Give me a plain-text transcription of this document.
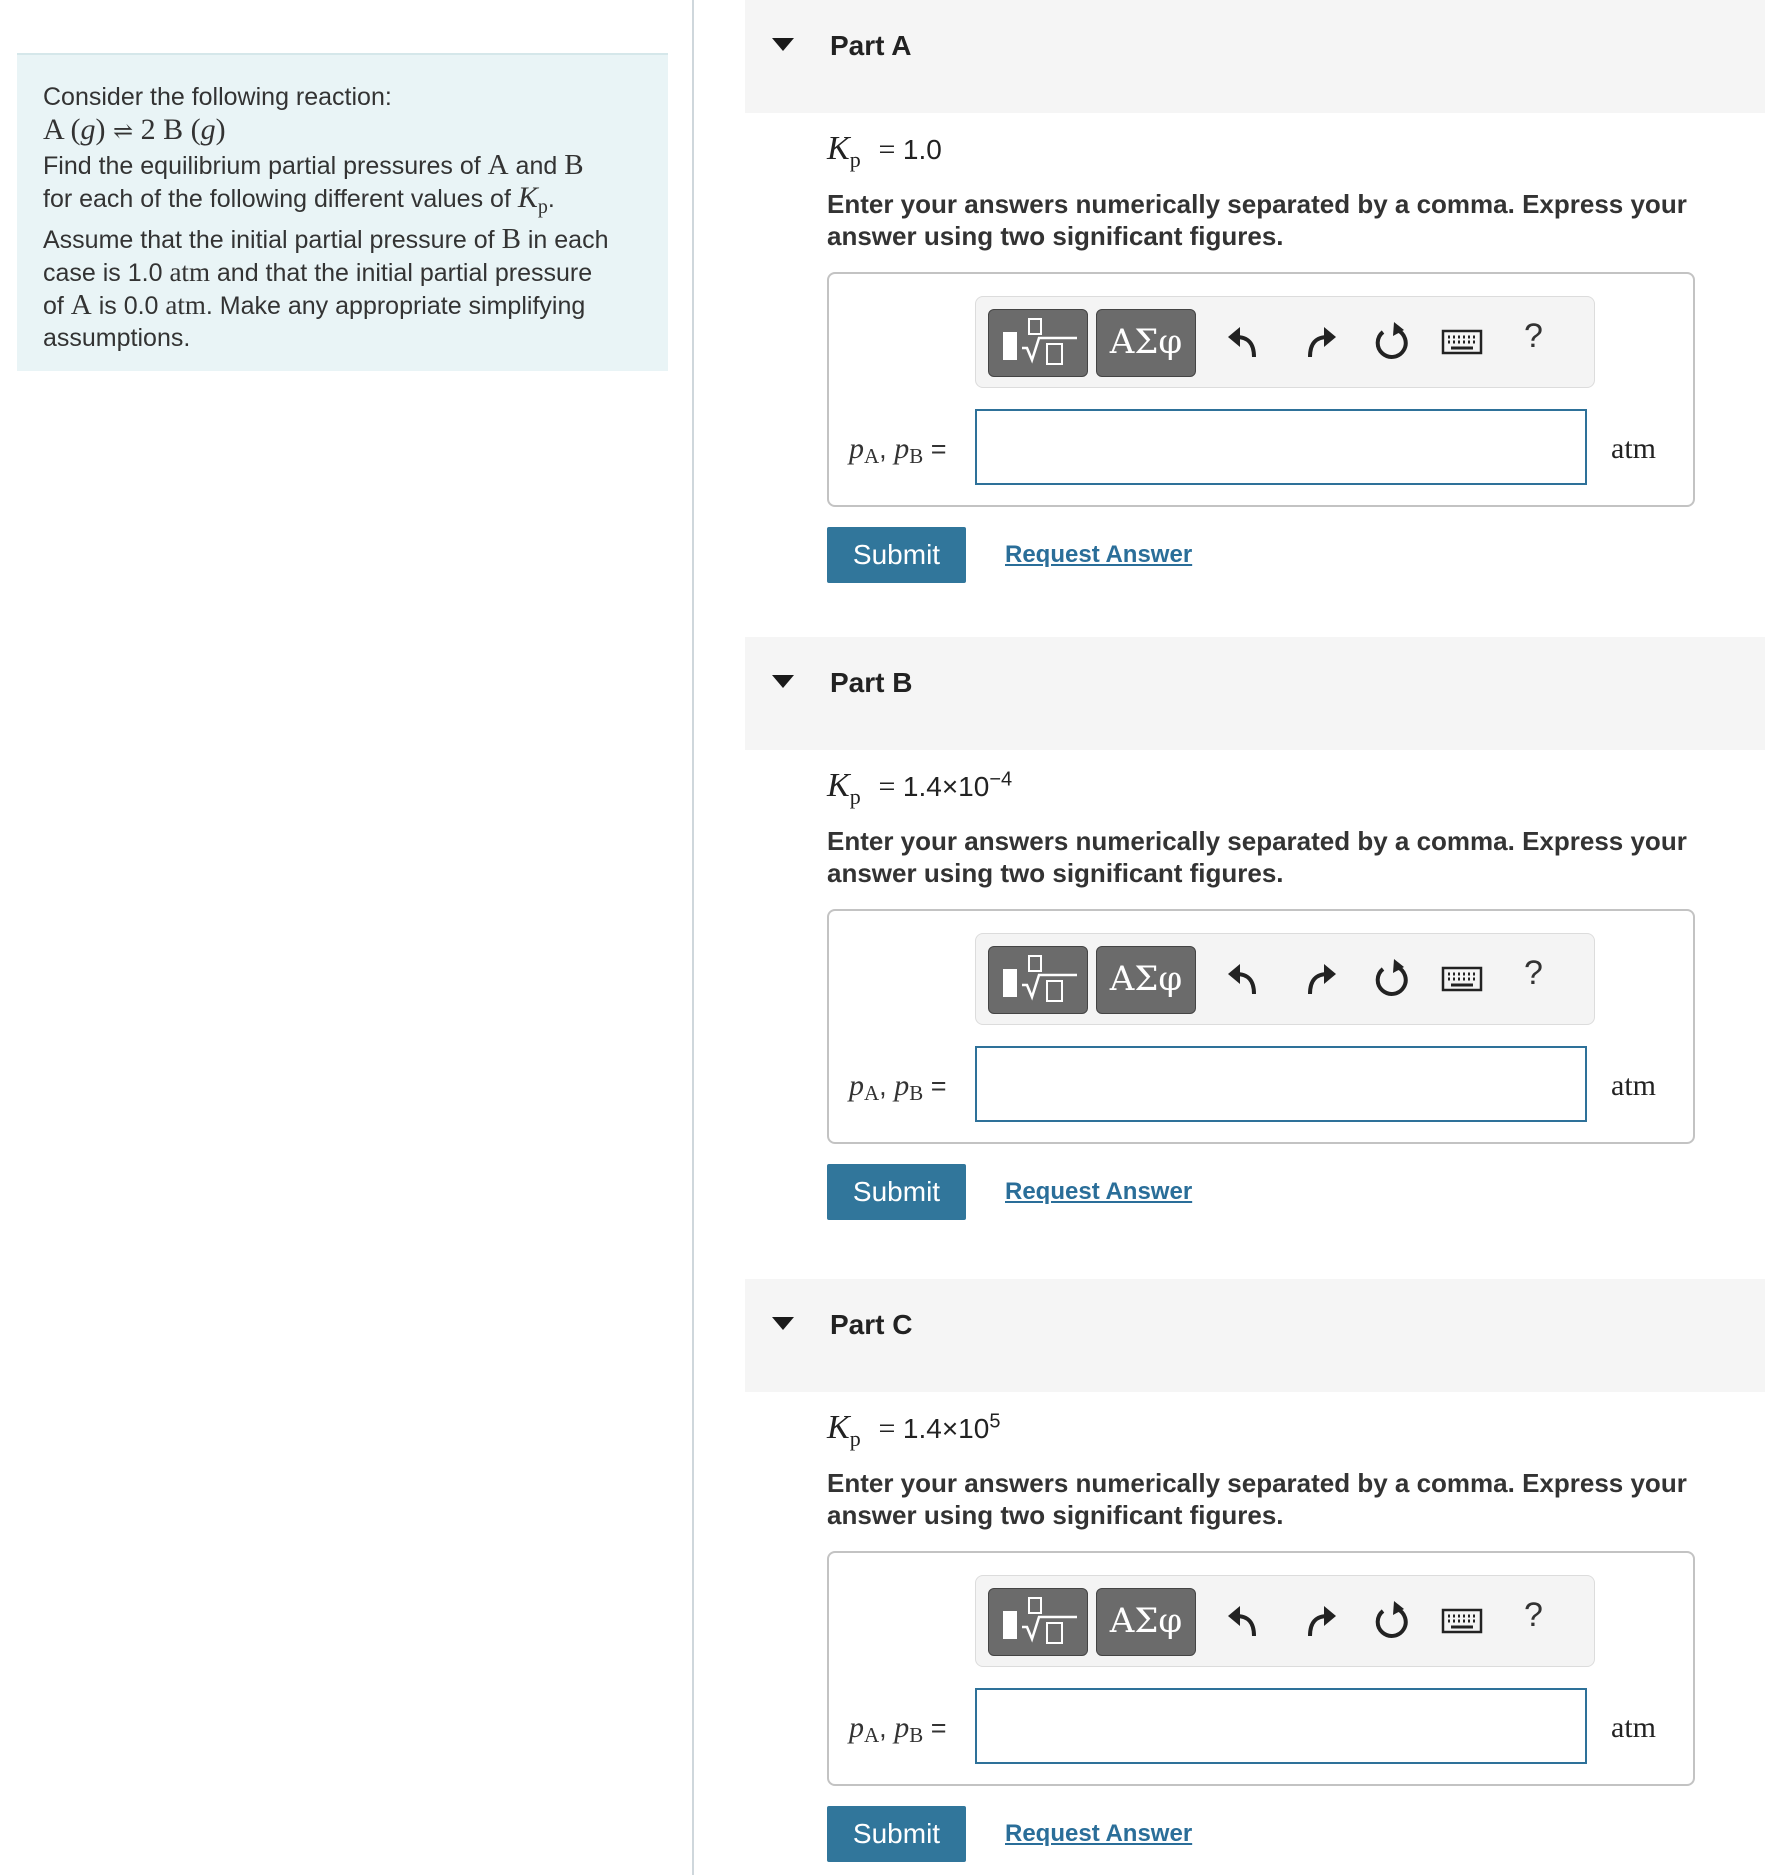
Consider the following reaction:
A (g) ⇌ 2 B (g)
Find the equilibrium partial pressures of A and B
for each of the following different values of $K_p$.
Assume that the initial partial pressure of B in each
case is 1.0 atm and that the initial partial pressure
of A is 0.0 atm. Make any appropriate simplifying
assumptions.
Part A
$K_p = 1.0$
Enter your answers numerically separated by a comma. Express your answer using two significant figures.
ΑΣφ	?
pA, pB =	atm
Submit	Request Answer
Part B
$K_p = 1.4\times 10^{-4}$
Enter your answers numerically separated by a comma. Express your answer using two significant figures.
ΑΣφ	?
pA, pB =	atm
Submit	Request Answer
Part C
$K_p = 1.4\times 10^5$
Enter your answers numerically separated by a comma. Express your answer using two significant figures.
ΑΣφ	?
pA, pB =	atm
Submit	Request Answer
